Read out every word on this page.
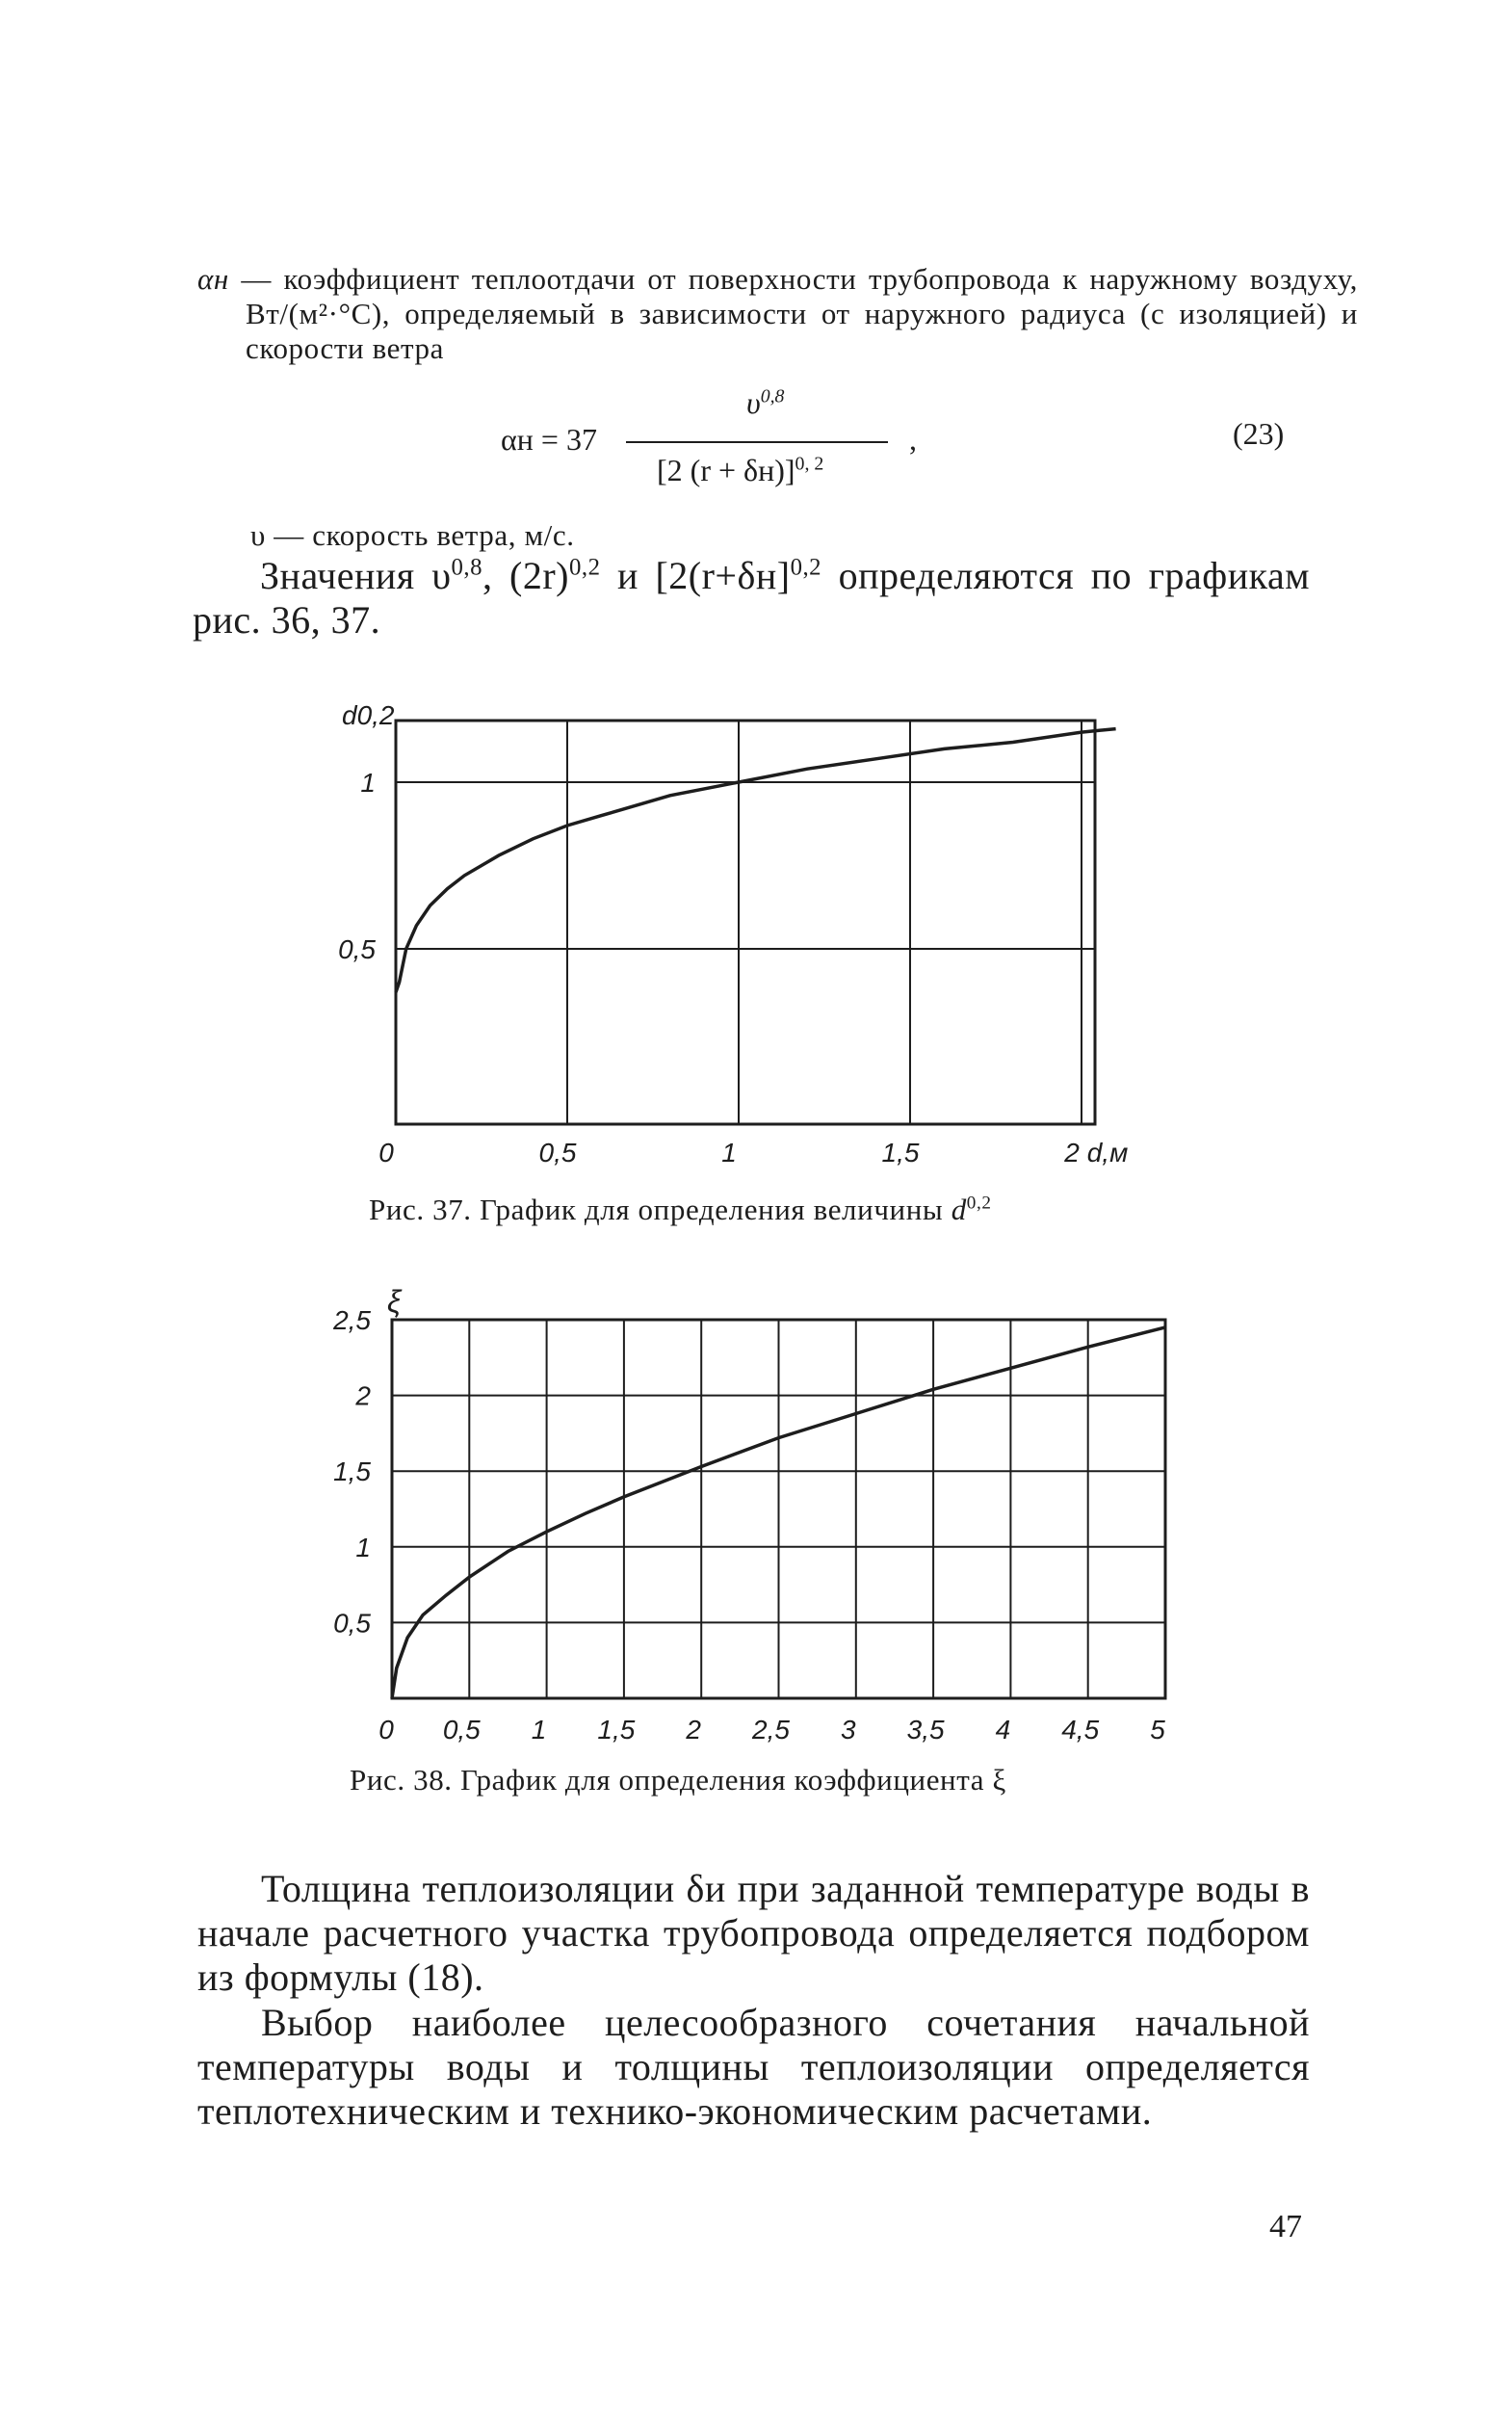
αн — коэффициент теплоотдачи от поверхности трубопровода к наружному воздуху, Вт/(м²·°С), определяемый в зависимости от наружного радиуса (с изоляцией) и скорости ветра
αн = 37
$\upsilon^{0,8}$
[2 (r + δн)]$^{0, 2}$
,	(23)
υ — скорость ветра, м/с.
Значения $\upsilon^{0,8}$, $(2r)^{0,2}$ и [$2(r+\delta н]^{0,2}$ определяются по графикам рис. 36, 37.
d0,2
0	0,5	1	1,5	2 d,м
0,5
1
ξ
0 0,5 1 1,5 2 2,5 3 3,5 4 4,5 5
0,5
1
1,5
2
2,5
Рис. 37. График для определения величины $d^{0,2}$
Рис. 38. График для определения коэффициента ξ
Толщина теплоизоляции δи при заданной температуре воды в начале расчетного участка трубопровода определяется подбором из формулы (18).
Выбор наиболее целесообразного сочетания начальной температуры воды и толщины теплоизоляции определяется теплотехническим и технико-экономическим расчетами.
47
